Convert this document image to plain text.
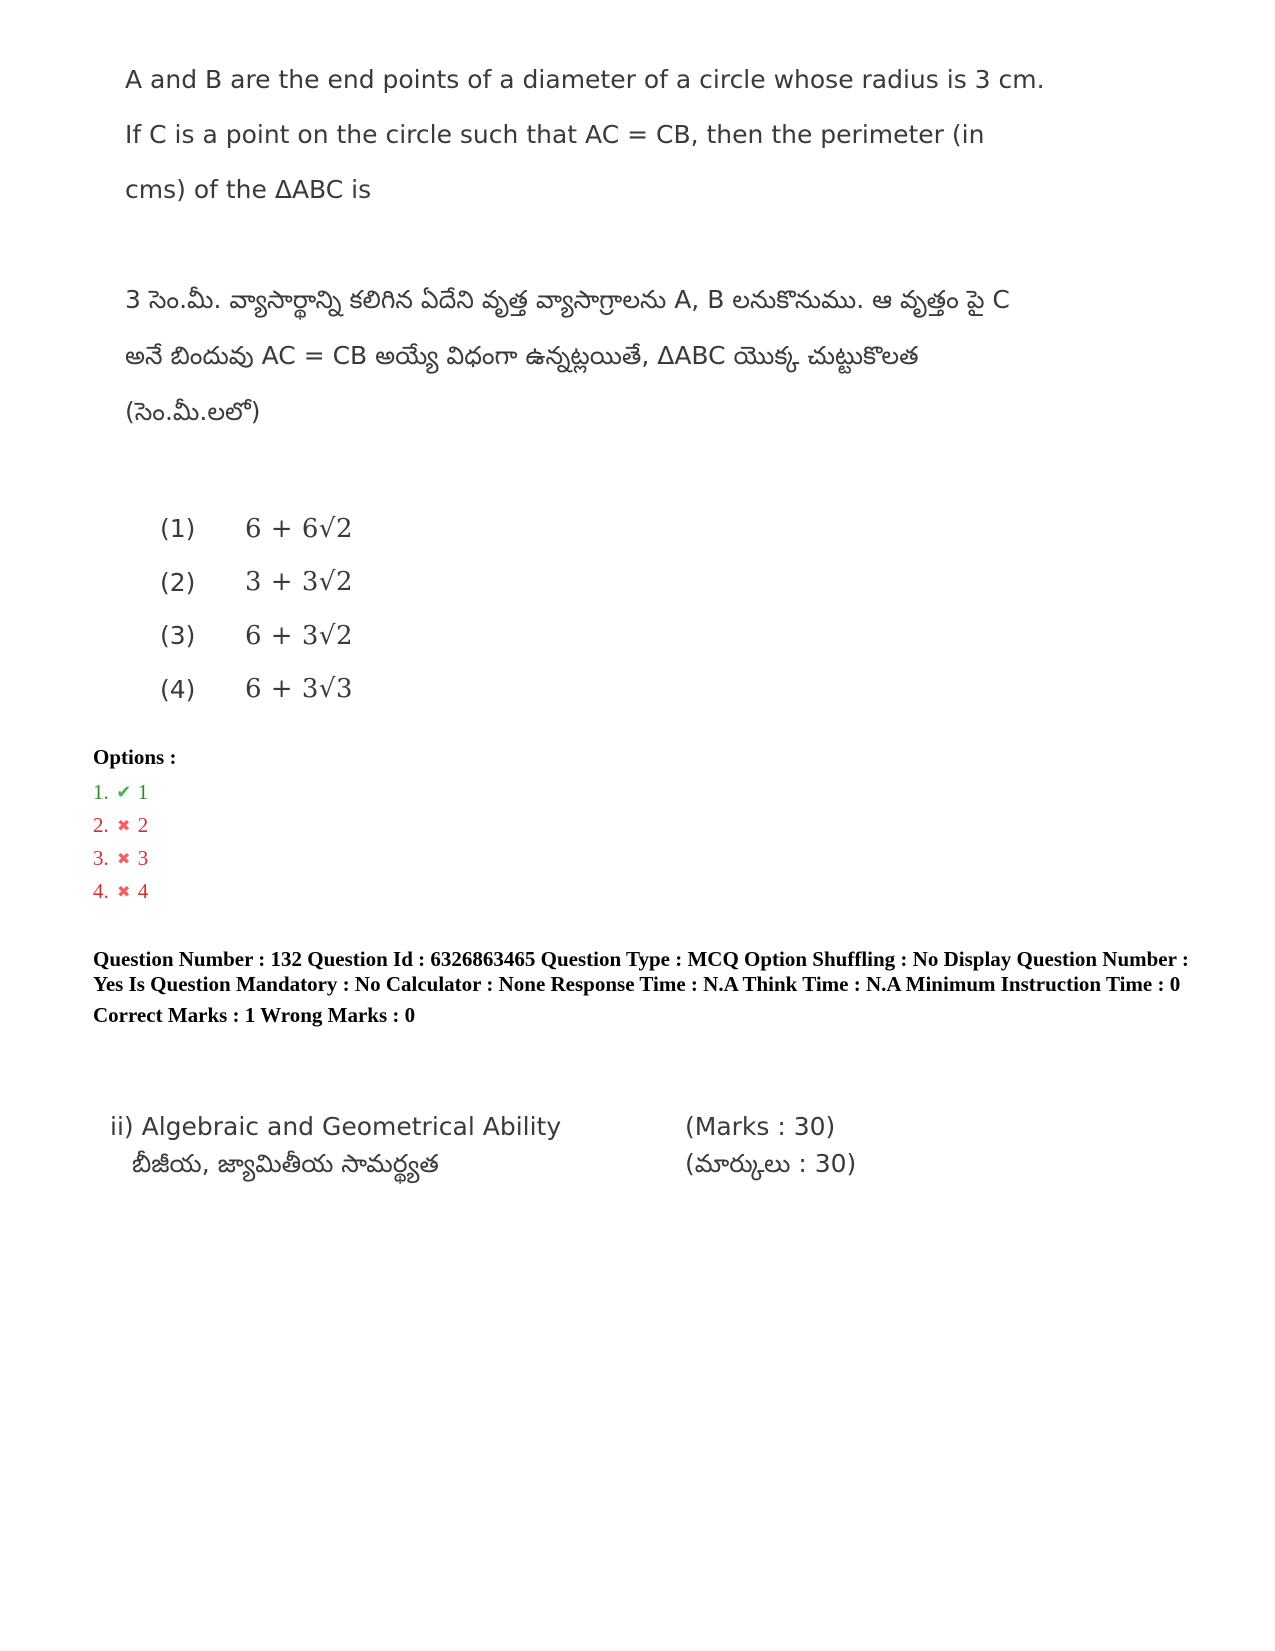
A and B are the end points of a diameter of a circle whose radius is 3 cm. If C is a point on the circle such that AC = CB, then the perimeter (in cms) of the ΔABC is

3 సెం.మీ. వ్యాసార్థాన్ని కలిగిన ఏదేని వృత్త వ్యాసాగ్రాలను A, B లనుకొనుము. ఆ వృత్తం పై C అనే బిందువు AC = CB అయ్యే విధంగా ఉన్నట్లయితే, ΔABC యొక్క చుట్టుకొలత (సెం.మీ.లలో)

(1)	6 + 6√2
(2)	3 + 3√2
(3)	6 + 3√2
(4)	6 + 3√3
Options :
1. ✔ 1
2. ✖ 2
3. ✖ 3
4. ✖ 4
Question Number : 132 Question Id : 6326863465 Question Type : MCQ Option Shuffling : No Display Question Number : Yes Is Question Mandatory : No Calculator : None Response Time : N.A Think Time : N.A Minimum Instruction Time : 0
Correct Marks : 1 Wrong Marks : 0
ii) Algebraic and Geometrical Ability	(Marks : 30)
బీజీయ, జ్యామితీయ సామర్థ్యత	(మార్కులు : 30)
